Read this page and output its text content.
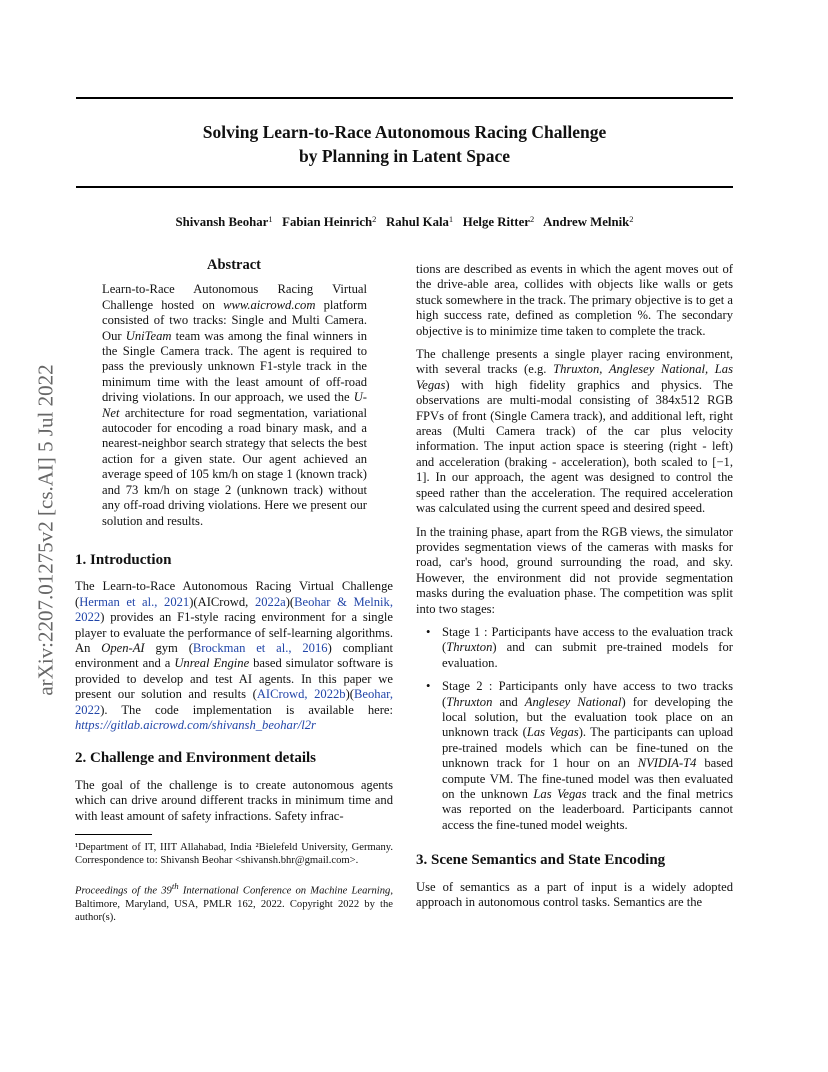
Solving Learn-to-Race Autonomous Racing Challenge
by Planning in Latent Space
Shivansh Beohar$^1$ Fabian Heinrich$^2$ Rahul Kala$^1$ Helge Ritter$^2$ Andrew Melnik$^2$
arXiv:2207.01275v2 [cs.AI] 5 Jul 2022
Abstract
Learn-to-Race Autonomous Racing Virtual Challenge hosted on www.aicrowd.com platform consisted of two tracks: Single and Multi Camera. Our UniTeam team was among the final winners in the Single Camera track. The agent is required to pass the previously unknown F1-style track in the minimum time with the least amount of off-road driving violations. In our approach, we used the U-Net architecture for road segmentation, variational autocoder for encoding a road binary mask, and a nearest-neighbor search strategy that selects the best action for a given state. Our agent achieved an average speed of 105 km/h on stage 1 (known track) and 73 km/h on stage 2 (unknown track) without any off-road driving violations. Here we present our solution and results.
1. Introduction

The Learn-to-Race Autonomous Racing Virtual Challenge (Herman et al., 2021)(AICrowd, 2022a)(Beohar & Melnik, 2022) provides an F1-style racing environment for a single player to evaluate the performance of self-learning algorithms. An Open-AI gym (Brockman et al., 2016) compliant environment and a Unreal Engine based simulator software is provided to develop and test AI agents. In this paper we present our solution and results (AICrowd, 2022b)(Beohar, 2022). The code implementation is available here: https://gitlab.aicrowd.com/shivansh_beohar/l2r

2. Challenge and Environment details

The goal of the challenge is to create autonomous agents which can drive around different tracks in minimum time and with least amount of safety infractions. Safety infrac-

¹Department of IT, IIIT Allahabad, India ²Bielefeld University, Germany. Correspondence to: Shivansh Beohar <shivansh.bhr@gmail.com>.
Proceedings of the 39th International Conference on Machine Learning, Baltimore, Maryland, USA, PMLR 162, 2022. Copyright 2022 by the author(s).

tions are described as events in which the agent moves out of the drive-able area, collides with objects like walls or gets stuck somewhere in the track. The primary objective is to get a high success rate, defined as completion %. The secondary objective is to minimize time taken to complete the track.

The challenge presents a single player racing environment, with several tracks (e.g. Thruxton, Anglesey National, Las Vegas) with high fidelity graphics and physics. The observations are multi-modal consisting of 384x512 RGB FPVs of front (Single Camera track), and additional left, right areas (Multi Camera track) of the car plus velocity information. The input action space is steering (right - left) and acceleration (braking - acceleration), both scaled to [−1, 1]. In our approach, the agent was designed to control the speed rather than the acceleration. The required acceleration was calculated using the current speed and desired speed.

In the training phase, apart from the RGB views, the simulator provides segmentation views of the cameras with masks for road, car's hood, ground surrounding the road, and sky. However, the environment did not provide segmentation masks during the evaluation phase. The competition was split into two stages:

• Stage 1 : Participants have access to the evaluation track (Thruxton) and can submit pre-trained models for evaluation.
• Stage 2 : Participants only have access to two tracks (Thruxton and Anglesey National) for developing the local solution, but the evaluation took place on an unknown track (Las Vegas). The participants can upload pre-trained models which can be fine-tuned on the unknown track for 1 hour on an NVIDIA-T4 based compute VM. The fine-tuned model was then evaluated on the unknown Las Vegas track and the final metrics was reported on the leaderboard. Participants cannot access the fine-tuned model weights.
3. Scene Semantics and State Encoding

Use of semantics as a part of input is a widely adopted approach in autonomous control tasks. Semantics are the
